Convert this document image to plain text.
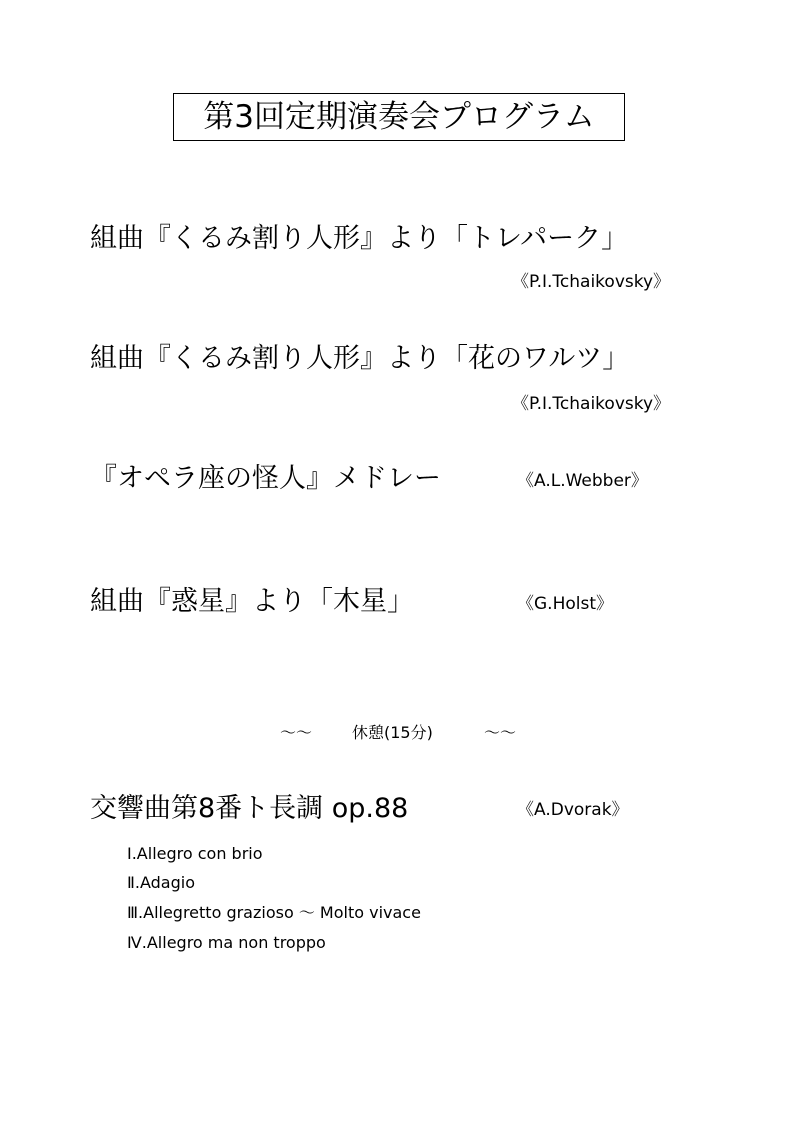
第3回定期演奏会プログラム
組曲『くるみ割り人形』より「トレパーク」
《P.I.Tchaikovsky》
組曲『くるみ割り人形』より「花のワルツ」
《P.I.Tchaikovsky》
『オペラ座の怪人』メドレー	《A.L.Webber》
組曲『惑星』より「木星」	《G.Holst》
～～ 休憩(15分)	～～
交響曲第8番ト長調 op.88	《A.Dvorak》
Ⅰ.Allegro con brio
Ⅱ.Adagio
Ⅲ.Allegretto grazioso ～ Molto vivace
Ⅳ.Allegro ma non troppo
